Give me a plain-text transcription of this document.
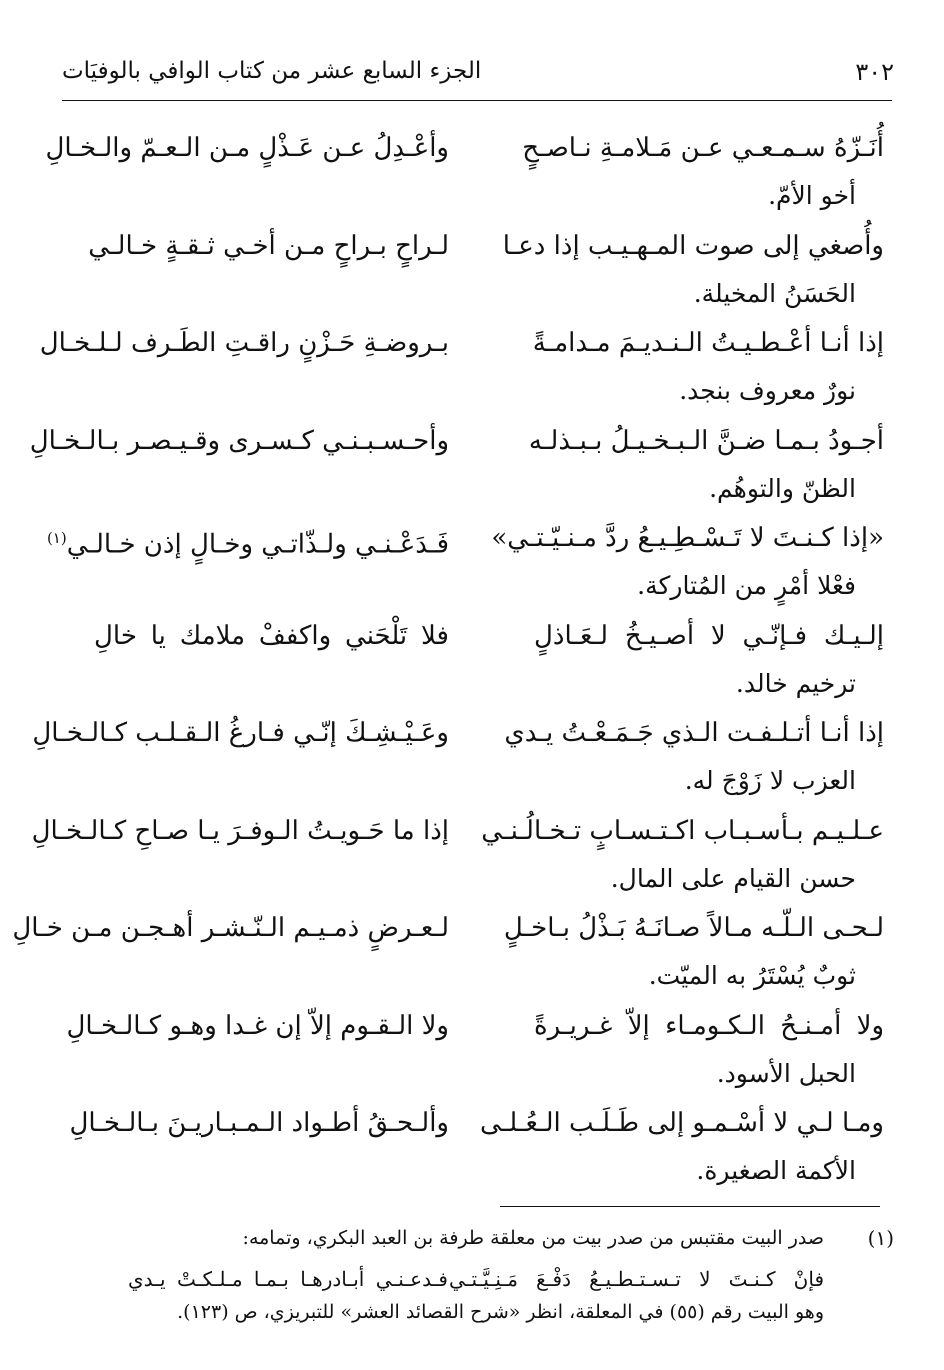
٣٠٢
الجزء السابع عشر من كتاب الوافي بالوفيَات
أُنَـزّهُ سـمـعـي عـن مَـلامـةِ نـاصـحٍ
وأعْـدِلُ عـن عَـذْلٍ مـن الـعـمّ والـخـالِ
أخو الأمّ.
وأُصغي إلى صوت المـهـيـب إذا دعـا
لـراحٍ بـراحٍ مـن أخـي ثـقـةٍ خـالـي
الحَسَنُ المخيلة.
إذا أنـا أعْـطـيـتُ الـنـديـمَ مـدامـةً
بـروضـةِ حَـزْنٍ راقـتِ الطَـرف لـلـخـال
نورٌ معروف بنجد.
أجـودُ بـمـا ضـنَّ الـبـخـيـلُ بـبـذلـه
وأحـسـبـنـي كـسـرى وقـيـصـر بـالـخـالِ
الظنّ والتوهُم.
«إذا كـنـتَ لا تَـسْـطِـيـعُ ردَّ مـنـيّـتـي»
فَـدَعْـنـي ولـذّاتـي وخـالٍ إذن خـالـي$^{(١)}$
فعْلا أمْرٍ من المُتاركة.
إلـيـك فـإنّـي لا أصـيـخُ لـعَـاذلٍ
فلا تَلْحَني واكففْ ملامك يا خالِ
ترخيم خالد.
إذا أنـا أتـلـفـت الـذي جَـمَـعْـتُ يـدي
وعَـيْـشِـكَ إنّـي فـارغُ الـقـلـب كـالـخـالِ
العزب لا زَوْجَ له.
عـلـيـم بـأسـبـاب اكـتـسـابٍ تـخـالُـنـي
إذا ما حَـويـتُ الـوفـرَ يـا صـاحِ كـالـخـالِ
حسن القيام على المال.
لـحـى الـلّـه مـالاً صـانَـهُ بَـذْلُ بـاخـلٍ
لـعـرضٍ ذمـيـم الـنّـشـر أهـجـن مـن خـالِ
ثوبٌ يُسْتَرُ به الميّت.
ولا أمـنـحُ الـكـومـاء إلاّ غـريـرةً
ولا الـقـوم إلاّ إن غـدا وهـو كـالـخـالِ
الحبل الأسود.
ومـا لـي لا أسْـمـو إلى طَـلَـب الـعُـلـى
وألـحـقُ أطـواد الـمـبـاريـنَ بـالـخـالِ
الأكمة الصغيرة.
(١)
صدر البيت مقتبس من صدر بيت من معلقة طرفة بن العبد البكري، وتمامه:
فإنْ كـنـتَ لا تـسـتـطـيـعُ دَفْـعَ مَـنِـيَّـتـي
فـدعـنـي أبـادرهـا بـمـا مـلـكـتْ يـدي
وهو البيت رقم (٥٥) في المعلقة، انظر «شرح القصائد العشر» للتبريزي، ص (١٢٣).
